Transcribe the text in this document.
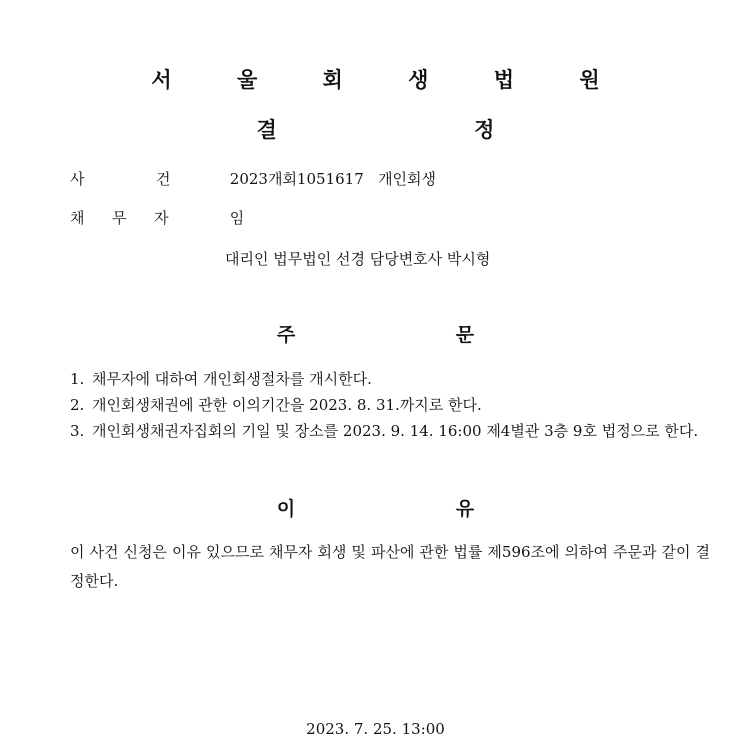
서 울 회 생 법 원
결 정
사	건	2023개회1051617 개인회생
채 무 자	임
대리인 법무법인 선경 담당변호사 박시형
주 문
1. 채무자에 대하여 개인회생절차를 개시한다.
2. 개인회생채권에 관한 이의기간을 2023. 8. 31.까지로 한다.
3. 개인회생채권자집회의 기일 및 장소를 2023. 9. 14. 16:00 제4별관 3층 9호 법정으로 한다.
이 유

이 사건 신청은 이유 있으므로 채무자 회생 및 파산에 관한 법률 제596조에 의하여 주문과 같이 결정한다.

2023. 7. 25. 13:00
